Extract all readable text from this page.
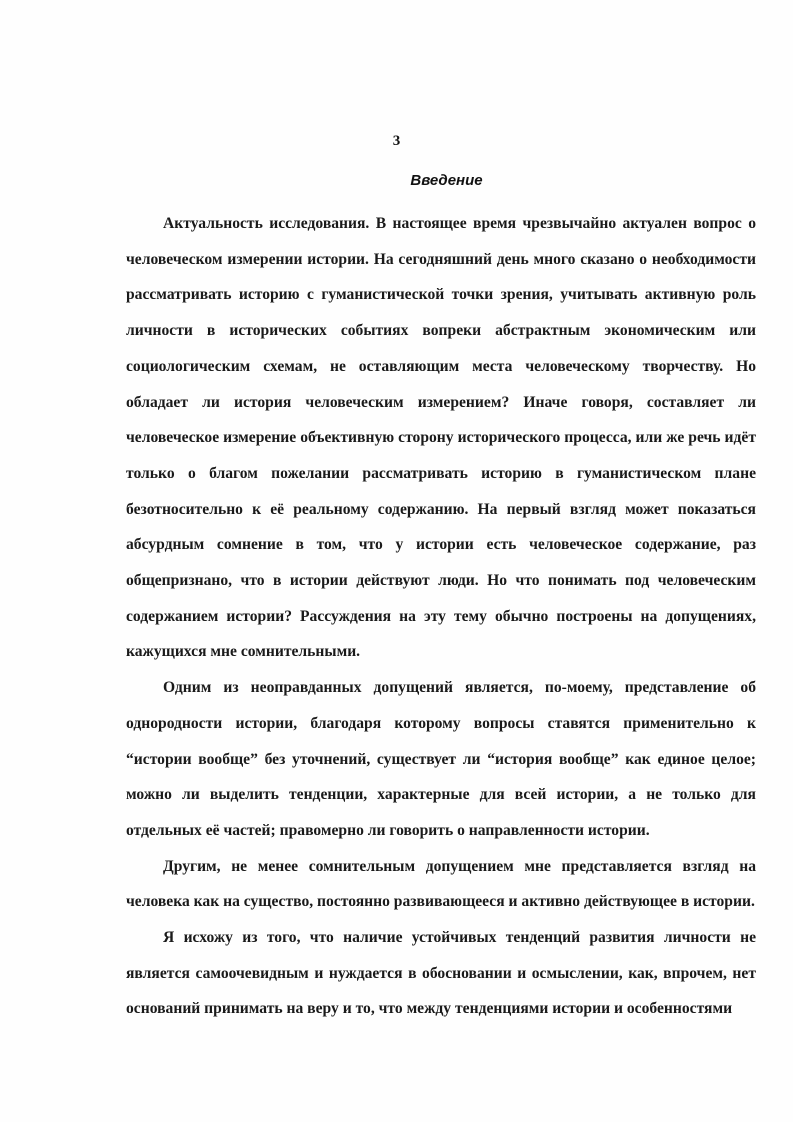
3
Введение

Актуальность исследования. В настоящее время чрезвычайно актуален вопрос о человеческом измерении истории. На сегодняшний день много сказано о необходимости рассматривать историю с гуманистической точки зрения, учитывать активную роль личности в исторических событиях вопреки абстрактным экономическим или социологическим схемам, не оставляющим места человеческому творчеству. Но обладает ли история человеческим измерением? Иначе говоря, составляет ли человеческое измерение объективную сторону исторического процесса, или же речь идёт только о благом пожелании рассматривать историю в гуманистическом плане безотносительно к её реальному содержанию. На первый взгляд может показаться абсурдным сомнение в том, что у истории есть человеческое содержание, раз общепризнано, что в истории действуют люди. Но что понимать под человеческим содержанием истории? Рассуждения на эту тему обычно построены на допущениях, кажущихся мне сомнительными.

Одним из неоправданных допущений является, по-моему, представление об однородности истории, благодаря которому вопросы ставятся применительно к “истории вообще” без уточнений, существует ли “история вообще” как единое целое; можно ли выделить тенденции, характерные для всей истории, а не только для отдельных её частей; правомерно ли говорить о направленности истории.

Другим, не менее сомнительным допущением мне представляется взгляд на человека как на существо, постоянно развивающееся и активно действующее в истории.

Я исхожу из того, что наличие устойчивых тенденций развития личности не является самоочевидным и нуждается в обосновании и осмыслении, как, впрочем, нет оснований принимать на веру и то, что между тенденциями истории и особенностями
